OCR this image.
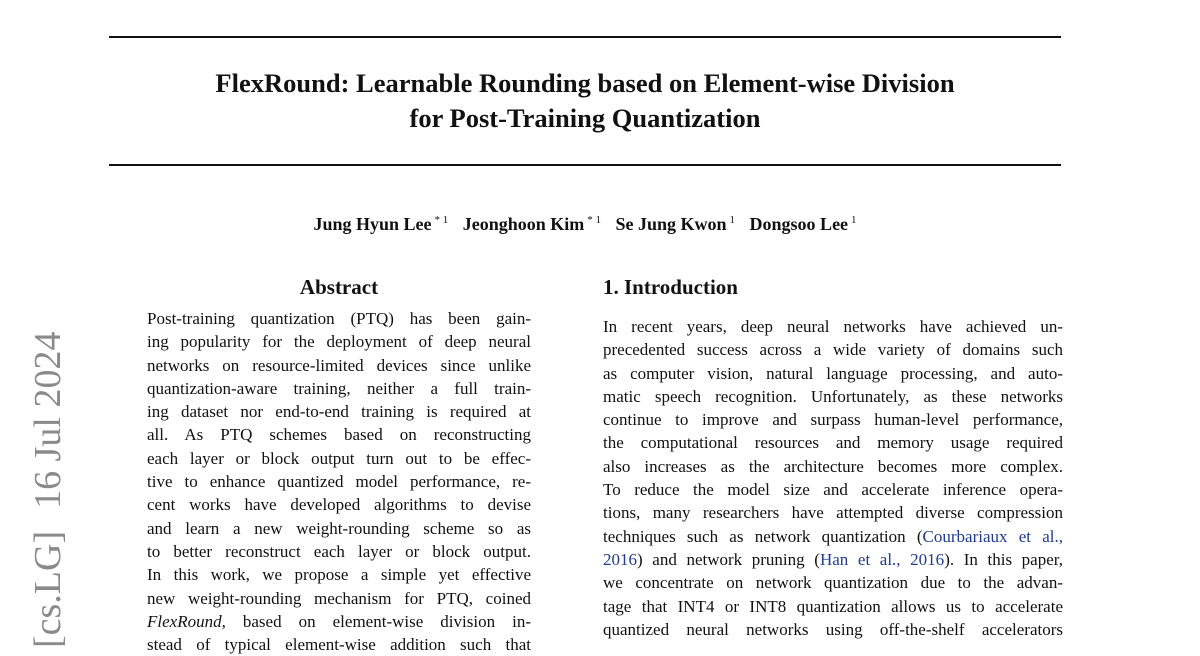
FlexRound: Learnable Rounding based on Element-wise Division
for Post-Training Quantization
Jung Hyun Lee $^{* 1}$ Jeonghoon Kim $^{* 1}$ Se Jung Kwon $^1$ Dongsoo Lee $^1$
[cs.LG]16 Jul 2024
Abstract
Post-training quantization (PTQ) has been gain-
ing popularity for the deployment of deep neural
networks on resource-limited devices since unlike
quantization-aware training, neither a full train-
ing dataset nor end-to-end training is required at
all. As PTQ schemes based on reconstructing
each layer or block output turn out to be effec-
tive to enhance quantized model performance, re-
cent works have developed algorithms to devise
and learn a new weight-rounding scheme so as
to better reconstruct each layer or block output.
In this work, we propose a simple yet effective
new weight-rounding mechanism for PTQ, coined
FlexRound, based on element-wise division in-
stead of typical element-wise addition such that
1. Introduction
In recent years, deep neural networks have achieved un-
precedented success across a wide variety of domains such
as computer vision, natural language processing, and auto-
matic speech recognition. Unfortunately, as these networks
continue to improve and surpass human-level performance,
the computational resources and memory usage required
also increases as the architecture becomes more complex.
To reduce the model size and accelerate inference opera-
tions, many researchers have attempted diverse compression
techniques such as network quantization (Courbariaux et al.,
2016) and network pruning (Han et al., 2016). In this paper,
we concentrate on network quantization due to the advan-
tage that INT4 or INT8 quantization allows us to accelerate
quantized neural networks using off-the-shelf accelerators
